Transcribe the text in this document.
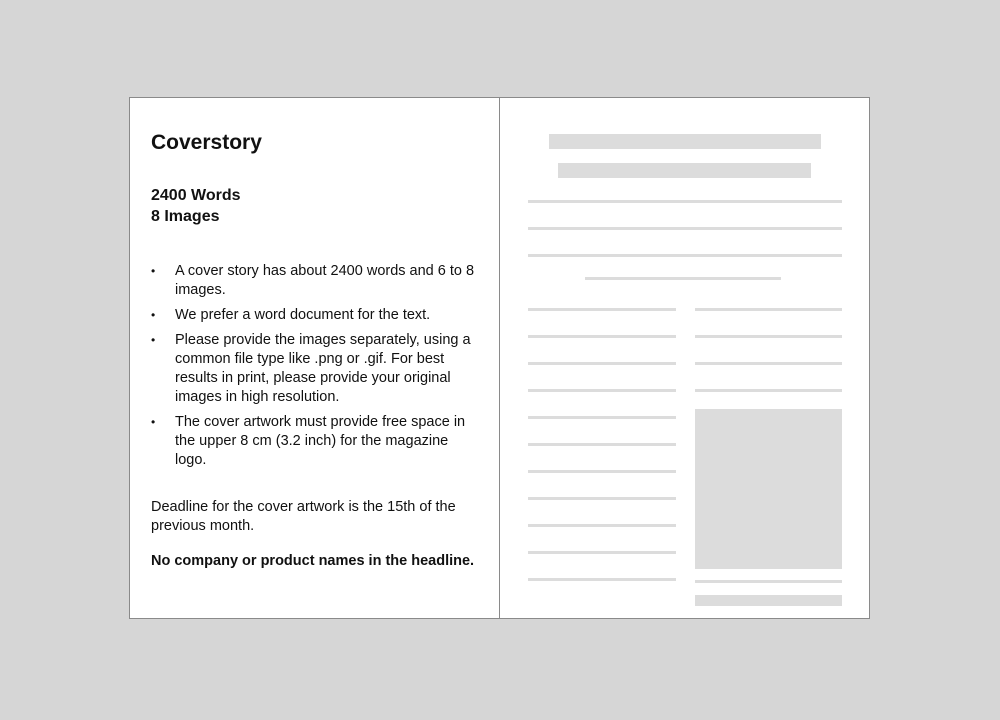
Coverstory
2400 Words
8 Images
• A cover story has about 2400 words and 6 to 8 images.
• We prefer a word document for the text.
• Please provide the images separately, using a common file type like .png or .gif. For best results in print, please provide your original images in high resolution.
• The cover artwork must provide free space in the upper 8 cm (3.2 inch) for the magazine logo.
Deadline for the cover artwork is the 15th of the previous month.
No company or product names in the headline.
